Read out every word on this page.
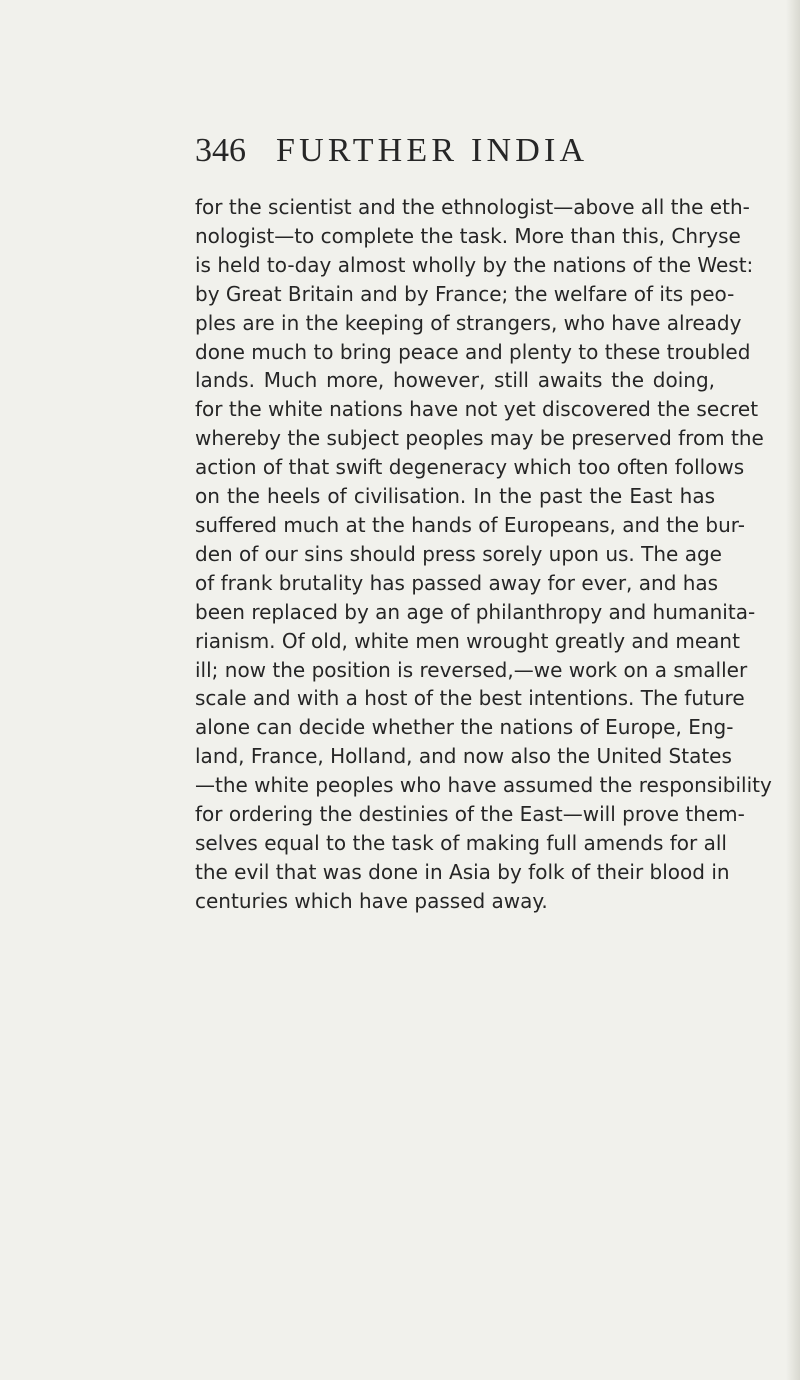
346 FURTHER INDIA

for the scientist and the ethnologist—above all the eth-
nologist—to complete the task. More than this, Chryse
is held to-day almost wholly by the nations of the West:
by Great Britain and by France; the welfare of its peo-
ples are in the keeping of strangers, who have already
done much to bring peace and plenty to these troubled
lands. Much more, however, still awaits the doing,
for the white nations have not yet discovered the secret
whereby the subject peoples may be preserved from the
action of that swift degeneracy which too often follows
on the heels of civilisation. In the past the East has
suffered much at the hands of Europeans, and the bur-
den of our sins should press sorely upon us. The age
of frank brutality has passed away for ever, and has
been replaced by an age of philanthropy and humanita-
rianism. Of old, white men wrought greatly and meant
ill; now the position is reversed,—we work on a smaller
scale and with a host of the best intentions. The future
alone can decide whether the nations of Europe, Eng-
land, France, Holland, and now also the United States
—the white peoples who have assumed the responsibility
for ordering the destinies of the East—will prove them-
selves equal to the task of making full amends for all
the evil that was done in Asia by folk of their blood in
centuries which have passed away.
